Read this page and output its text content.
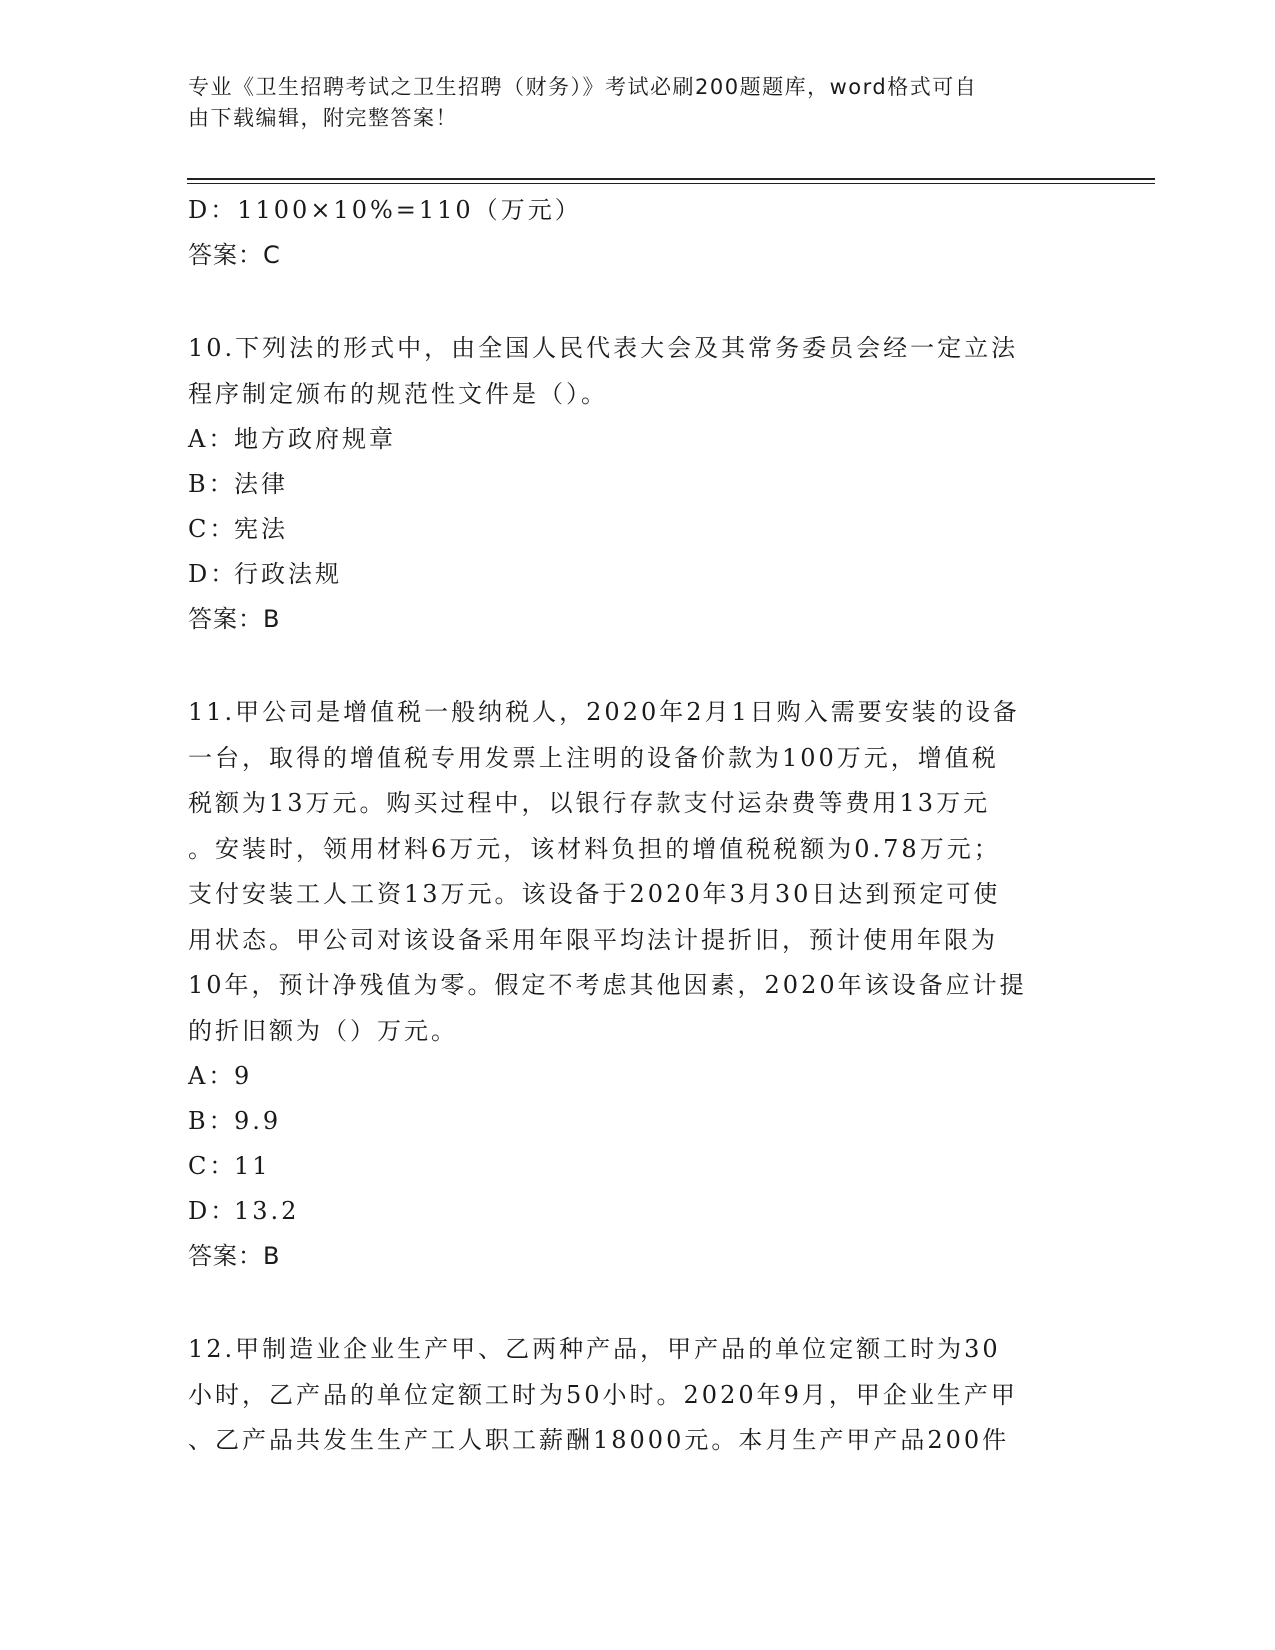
专业《卫生招聘考试之卫生招聘（财务）》考试必刷200题题库，word格式可自
由下载编辑，附完整答案！
D：1100×10%=110（万元）
答案：C
10.下列法的形式中，由全国人民代表大会及其常务委员会经一定立法
程序制定颁布的规范性文件是（）。
A：地方政府规章
B：法律
C：宪法
D：行政法规
答案：B
11.甲公司是增值税一般纳税人，2020年2月1日购入需要安装的设备
一台，取得的增值税专用发票上注明的设备价款为100万元，增值税
税额为13万元。购买过程中，以银行存款支付运杂费等费用13万元
。安装时，领用材料6万元，该材料负担的增值税税额为0.78万元；
支付安装工人工资13万元。该设备于2020年3月30日达到预定可使
用状态。甲公司对该设备采用年限平均法计提折旧，预计使用年限为
10年，预计净残值为零。假定不考虑其他因素，2020年该设备应计提
的折旧额为（）万元。
A：9
B：9.9
C：11
D：13.2
答案：B
12.甲制造业企业生产甲、乙两种产品，甲产品的单位定额工时为30
小时，乙产品的单位定额工时为50小时。2020年9月，甲企业生产甲
、乙产品共发生生产工人职工薪酬18000元。本月生产甲产品200件
